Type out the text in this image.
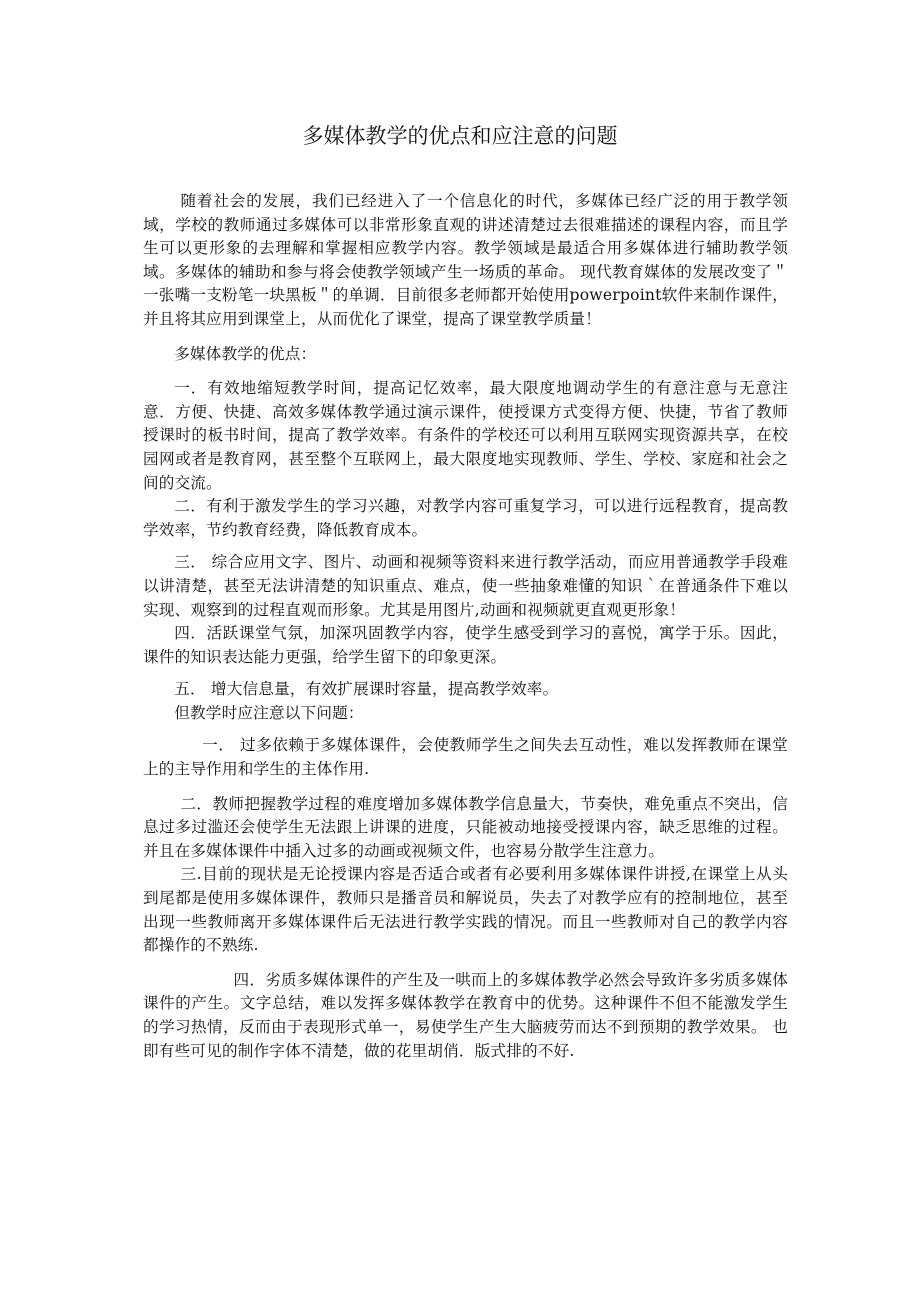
多媒体教学的优点和应注意的问题

随着社会的发展，我们已经进入了一个信息化的时代，多媒体已经广泛的用于教学领域，学校的教师通过多媒体可以非常形象直观的讲述清楚过去很难描述的课程内容，而且学生可以更形象的去理解和掌握相应教学内容。教学领域是最适合用多媒体进行辅助教学领域。多媒体的辅助和参与将会使教学领域产生一场质的革命。 现代教育媒体的发展改变了＂一张嘴一支粉笔一块黑板＂的单调．目前很多老师都开始使用powerpoint软件来制作课件，并且将其应用到课堂上，从而优化了课堂，提高了课堂教学质量！

多媒体教学的优点：

一．有效地缩短教学时间，提高记忆效率，最大限度地调动学生的有意注意与无意注意．方便、快捷、高效多媒体教学通过演示课件，使授课方式变得方便、快捷，节省了教师授课时的板书时间，提高了教学效率。有条件的学校还可以利用互联网实现资源共享，在校园网或者是教育网，甚至整个互联网上，最大限度地实现教师、学生、学校、家庭和社会之间的交流。

二．有利于激发学生的学习兴趣，对教学内容可重复学习，可以进行远程教育，提高教学效率，节约教育经费，降低教育成本。

三． 综合应用文字、图片、动画和视频等资料来进行教学活动，而应用普通教学手段难以讲清楚，甚至无法讲清楚的知识重点、难点，使一些抽象难懂的知识｀在普通条件下难以实现、观察到的过程直观而形象。尤其是用图片,动画和视频就更直观更形象！

四．活跃课堂气氛，加深巩固教学内容，使学生感受到学习的喜悦，寓学于乐。因此，课件的知识表达能力更强，给学生留下的印象更深。

五． 增大信息量，有效扩展课时容量，提高教学效率。

但教学时应注意以下问题：

一． 过多依赖于多媒体课件，会使教师学生之间失去互动性，难以发挥教师在课堂上的主导作用和学生的主体作用.

二．教师把握教学过程的难度增加多媒体教学信息量大，节奏快，难免重点不突出，信息过多过滥还会使学生无法跟上讲课的进度，只能被动地接受授课内容，缺乏思维的过程。并且在多媒体课件中插入过多的动画或视频文件，也容易分散学生注意力。

三.目前的现状是无论授课内容是否适合或者有必要利用多媒体课件讲授,在课堂上从头到尾都是使用多媒体课件，教师只是播音员和解说员，失去了对教学应有的控制地位，甚至出现一些教师离开多媒体课件后无法进行教学实践的情况。而且一些教师对自己的教学内容都操作的不熟练.

四．劣质多媒体课件的产生及一哄而上的多媒体教学必然会导致许多劣质多媒体课件的产生。文字总结，难以发挥多媒体教学在教育中的优势。这种课件不但不能激发学生的学习热情，反而由于表现形式单一，易使学生产生大脑疲劳而达不到预期的教学效果。 也即有些可见的制作字体不清楚，做的花里胡俏．版式排的不好.
